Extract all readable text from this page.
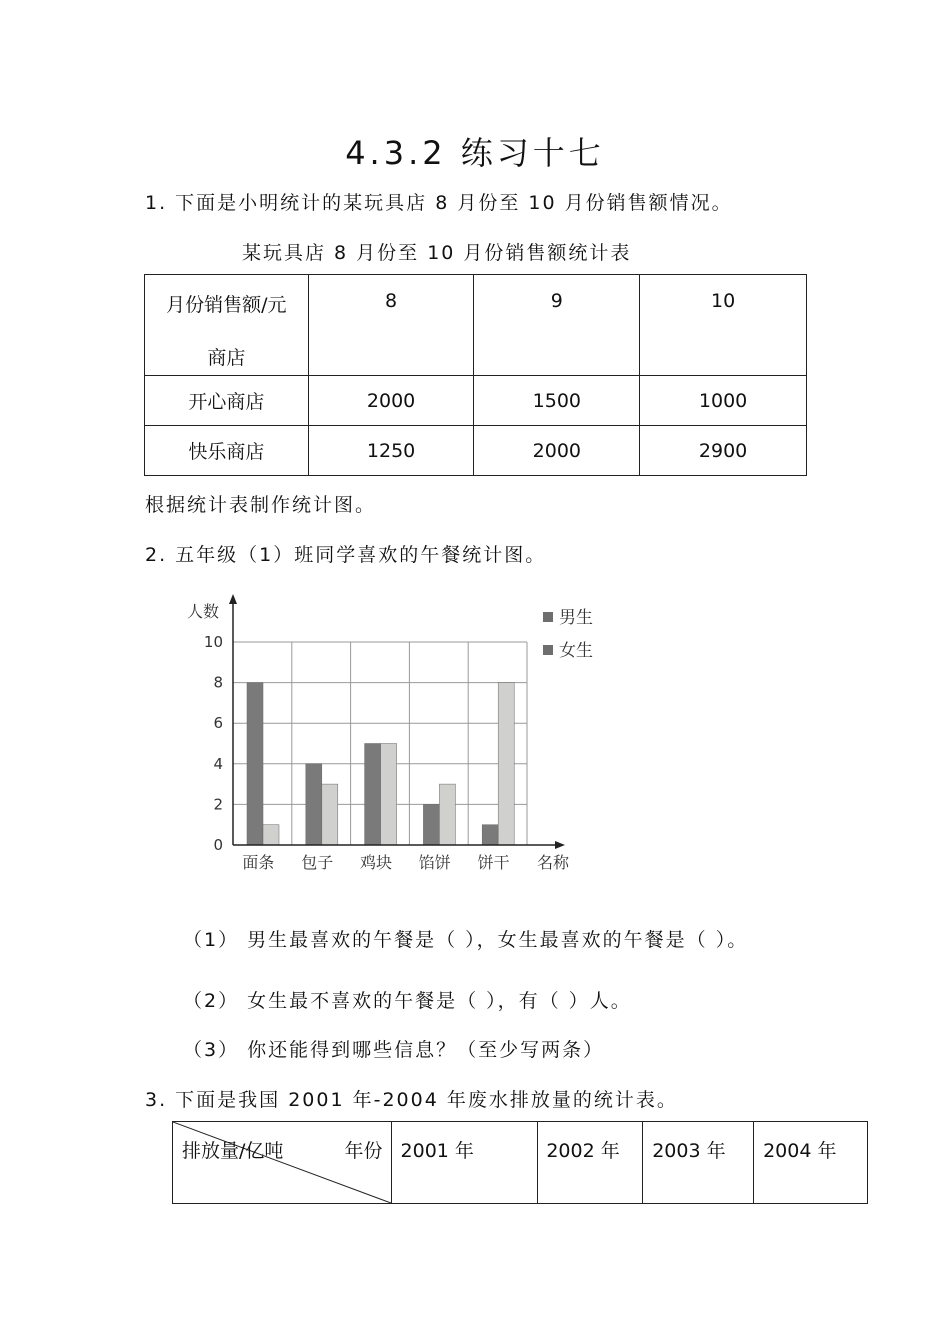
4.3.2 练习十七
1. 下面是小明统计的某玩具店 8 月份至 10 月份销售额情况。
某玩具店 8 月份至 10 月份销售额统计表
月份销售额/元
商店	8	9	10

开心商店	2000	1500	1000
快乐商店	1250	2000	2900
根据统计表制作统计图。
2. 五年级（1）班同学喜欢的午餐统计图。
0
2
4
6
8
10
面条 包子 鸡块 馅饼 饼干
人数
名称
男生
女生
（1） 男生最喜欢的午餐是（ ），女生最喜欢的午餐是（ ）。
（2） 女生最不喜欢的午餐是（ ），有（ ）人。
（3） 你还能得到哪些信息？（至少写两条）
3. 下面是我国 2001 年-2004 年废水排放量的统计表。
排放量/亿吨	年份	2001 年	2002 年	2003 年	2004 年
